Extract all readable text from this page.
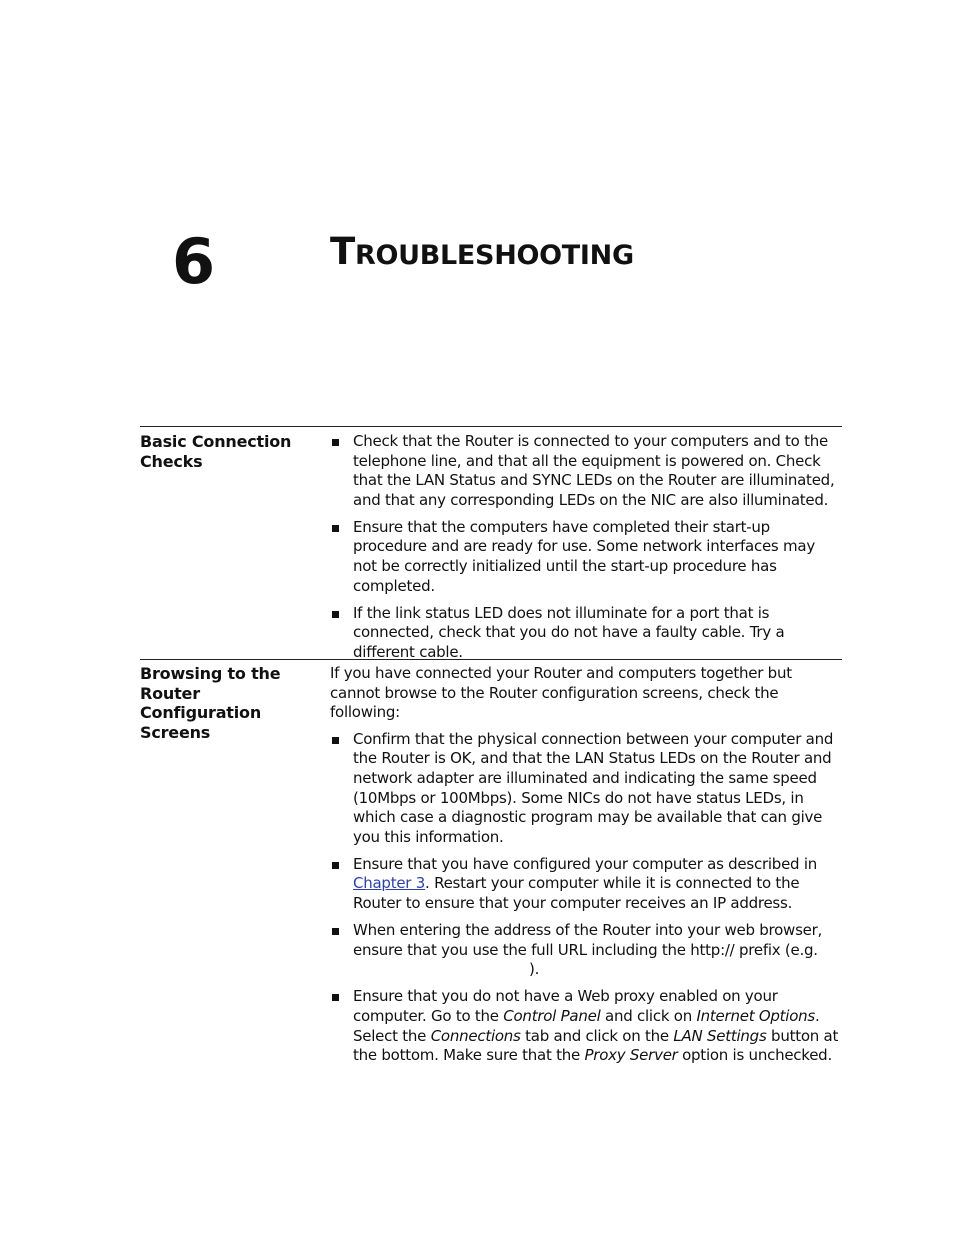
6	TROUBLESHOOTING
Basic Connection Checks
Check that the Router is connected to your computers and to the telephone line, and that all the equipment is powered on. Check that the LAN Status and SYNC LEDs on the Router are illuminated, and that any corresponding LEDs on the NIC are also illuminated.
Ensure that the computers have completed their start-up procedure and are ready for use. Some network interfaces may not be correctly initialized until the start-up procedure has completed.
If the link status LED does not illuminate for a port that is connected, check that you do not have a faulty cable. Try a different cable.
Browsing to the Router Configuration Screens

If you have connected your Router and computers together but cannot browse to the Router configuration screens, check the following:

Confirm that the physical connection between your computer and the Router is OK, and that the LAN Status LEDs on the Router and network adapter are illuminated and indicating the same speed (10Mbps or 100Mbps). Some NICs do not have status LEDs, in which case a diagnostic program may be available that can give you this information.
Ensure that you have configured your computer as described in Chapter 3. Restart your computer while it is connected to the Router to ensure that your computer receives an IP address.
When entering the address of the Router into your web browser, ensure that you use the full URL including the http:// prefix (e.g.
).
Ensure that you do not have a Web proxy enabled on your computer. Go to the Control Panel and click on Internet Options. Select the Connections tab and click on the LAN Settings button at the bottom. Make sure that the Proxy Server option is unchecked.
